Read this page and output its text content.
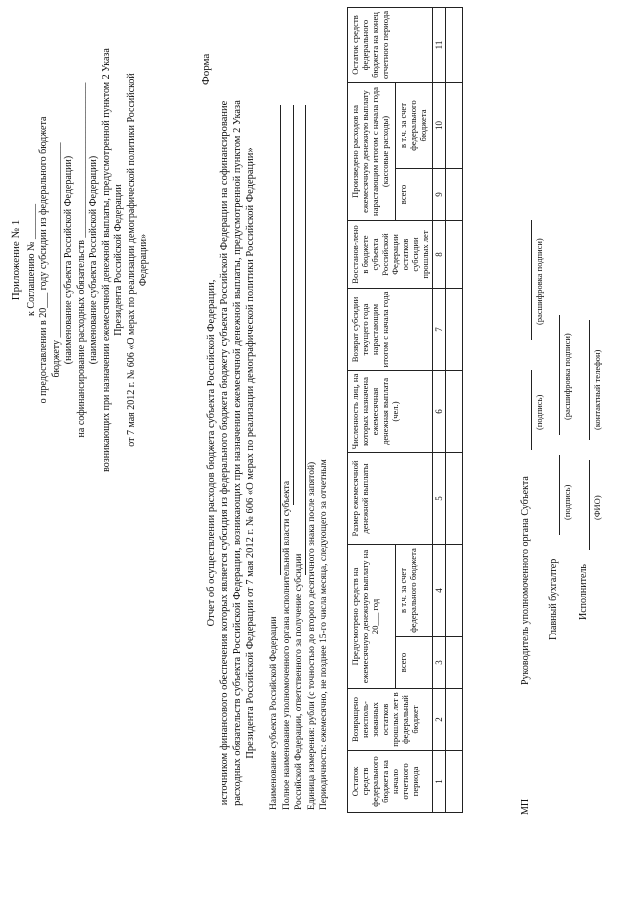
Приложение № 1 к Соглашению № _______ о предоставлении в 20___ году субсидии из федерального бюджета бюджету _______________________________________ (наименование субъекта Российской Федерации) на софинансирование расходных обязательств _______________________________ (наименование субъекта Российской Федерации) возникающих при назначении ежемесячной денежной выплаты, предусмотренной пунктом 2 Указа Президента Российской Федерации от 7 мая 2012 г. № 606 «О мерах по реализации демографической политики Российской Федерации»
Форма
Отчет об осуществлении расходов бюджета субъекта Российской Федерации, источником финансового обеспечения которых является субсидия из федерального бюджета бюджету субъекта Российской Федерации на софинансирование расходных обязательств субъекта Российской Федерации, возникающих при назначении ежемесячной денежной выплаты, предусмотренной пунктом 2 Указа Президента Российской Федерации от 7 мая 2012 г. № 606 «О мерах по реализации демографической политики Российской Федерации» Наименование субъекта Российской Федерации Полное наименование уполномоченного органа исполнительной власти субъекта Российской Федерации, ответственного за получение субсидии Единица измерения: рубли (с точностью до второго десятичного знака после запятой) Периодичность: ежемесячно, не позднее 15-го числа месяца, следующего за отчетным Остаток средств федерального бюджета на начало отчетного периода	Возвращено неисполь-зованных остатков прошлых лет в федеральный бюджет	Предусмотрено средств на ежемесячную денежную выплату на 20___ год		Размер ежемесячной денежной выплаты	Численность лиц, на которых назначена ежемесячная денежная выплата (чел.)	Возврат субсидии текущего года нарастающим итогом с начала года	Восстанов-лено в бюджете субъекта Российской Федерации остатков субсидии прошлых лет	Произведено расходов на ежемесячную денежную выплату нарастающим итогом с начала года (кассовые расходы)		Остаток средств федерального бюджета на конец отчетного периода
		всего	в т.ч. за счет федерального бюджета					всего	в т.ч. за счет федерального бюджета	
1	2	3	4	5	6	7	8	9	10	11

МП
Руководитель уполномоченного органа Субъекта
(подпись)
(расшифровка подписи)
Главный бухгалтер
(подпись)
(расшифровка подписи)
Исполнитель
(ФИО)
(контактный телефон)
